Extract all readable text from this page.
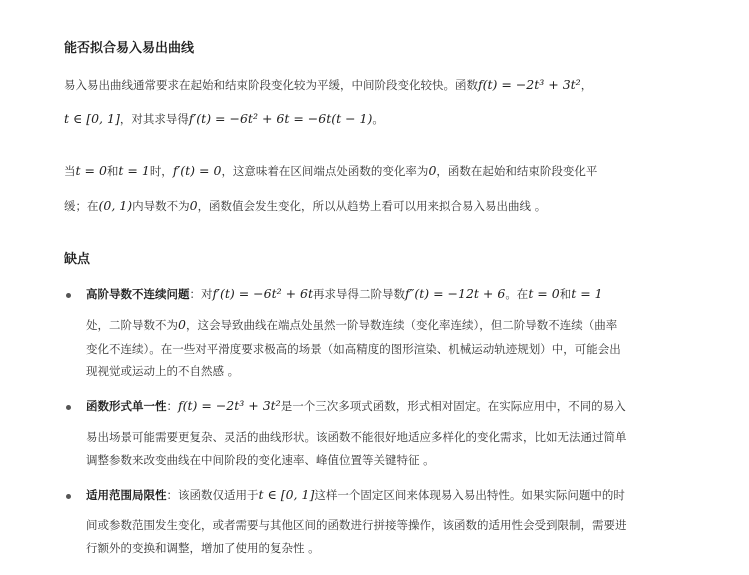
能否拟合易入易出曲线
易入易出曲线通常要求在起始和结束阶段变化较为平缓，中间阶段变化较快。函数f(t) = −2t³ + 3t²，
t ∈ [0, 1]，对其求导得f′(t) = −6t² + 6t = −6t(t − 1)。
当t = 0和t = 1时，f′(t) = 0，这意味着在区间端点处函数的变化率为0，函数在起始和结束阶段变化平
缓；在(0, 1)内导数不为0，函数值会发生变化，所以从趋势上看可以用来拟合易入易出曲线 。
缺点
高阶导数不连续问题：对f′(t) = −6t² + 6t再求导得二阶导数f″(t) = −12t + 6。在t = 0和t = 1
处，二阶导数不为0，这会导致曲线在端点处虽然一阶导数连续（变化率连续），但二阶导数不连续（曲率
变化不连续）。在一些对平滑度要求极高的场景（如高精度的图形渲染、机械运动轨迹规划）中，可能会出
现视觉或运动上的不自然感 。
函数形式单一性：f(t) = −2t³ + 3t²是一个三次多项式函数，形式相对固定。在实际应用中，不同的易入
易出场景可能需要更复杂、灵活的曲线形状。该函数不能很好地适应多样化的变化需求，比如无法通过简单
调整参数来改变曲线在中间阶段的变化速率、峰值位置等关键特征 。
适用范围局限性：该函数仅适用于t ∈ [0, 1]这样一个固定区间来体现易入易出特性。如果实际问题中的时
间或参数范围发生变化，或者需要与其他区间的函数进行拼接等操作，该函数的适用性会受到限制，需要进
行额外的变换和调整，增加了使用的复杂性 。
